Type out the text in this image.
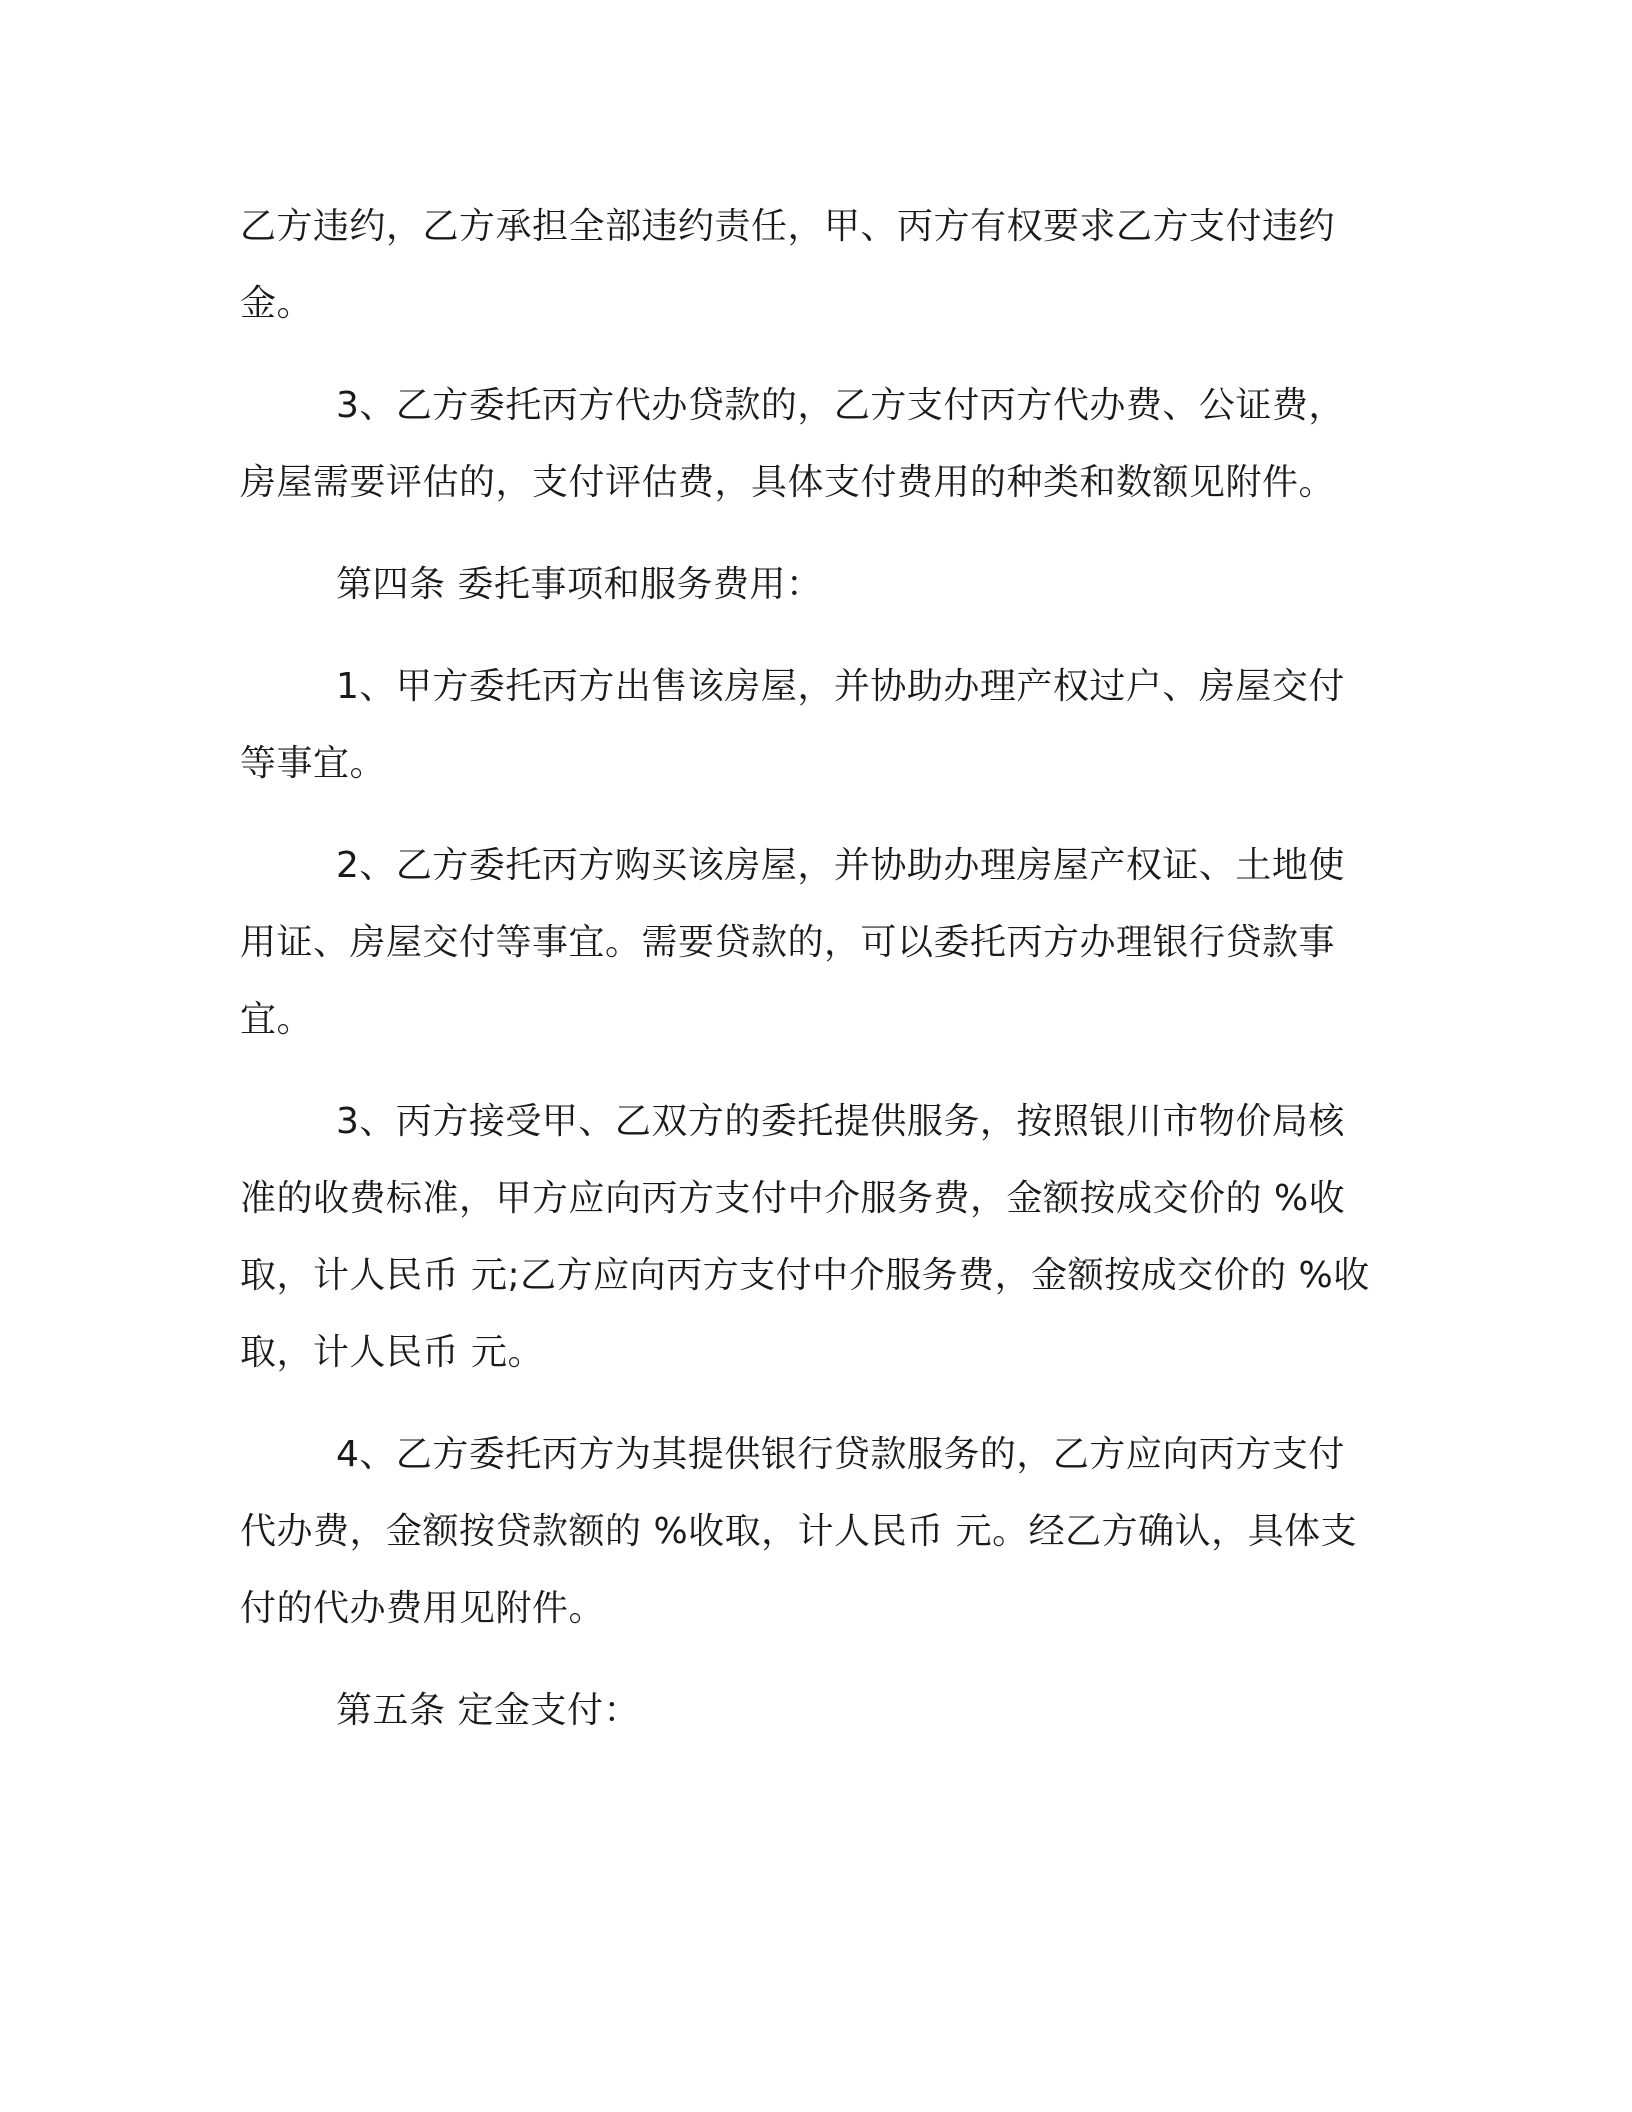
乙方违约，乙方承担全部违约责任，甲、丙方有权要求乙方支付违约金。

3、乙方委托丙方代办贷款的，乙方支付丙方代办费、公证费，房屋需要评估的，支付评估费，具体支付费用的种类和数额见附件。

第四条 委托事项和服务费用：

1、甲方委托丙方出售该房屋，并协助办理产权过户、房屋交付等事宜。

2、乙方委托丙方购买该房屋，并协助办理房屋产权证、土地使用证、房屋交付等事宜。需要贷款的，可以委托丙方办理银行贷款事宜。

3、丙方接受甲、乙双方的委托提供服务，按照银川市物价局核准的收费标准，甲方应向丙方支付中介服务费，金额按成交价的 %收取，计人民币 元;乙方应向丙方支付中介服务费，金额按成交价的 %收取，计人民币 元。

4、乙方委托丙方为其提供银行贷款服务的，乙方应向丙方支付代办费，金额按贷款额的 %收取，计人民币 元。经乙方确认，具体支付的代办费用见附件。

第五条 定金支付：
